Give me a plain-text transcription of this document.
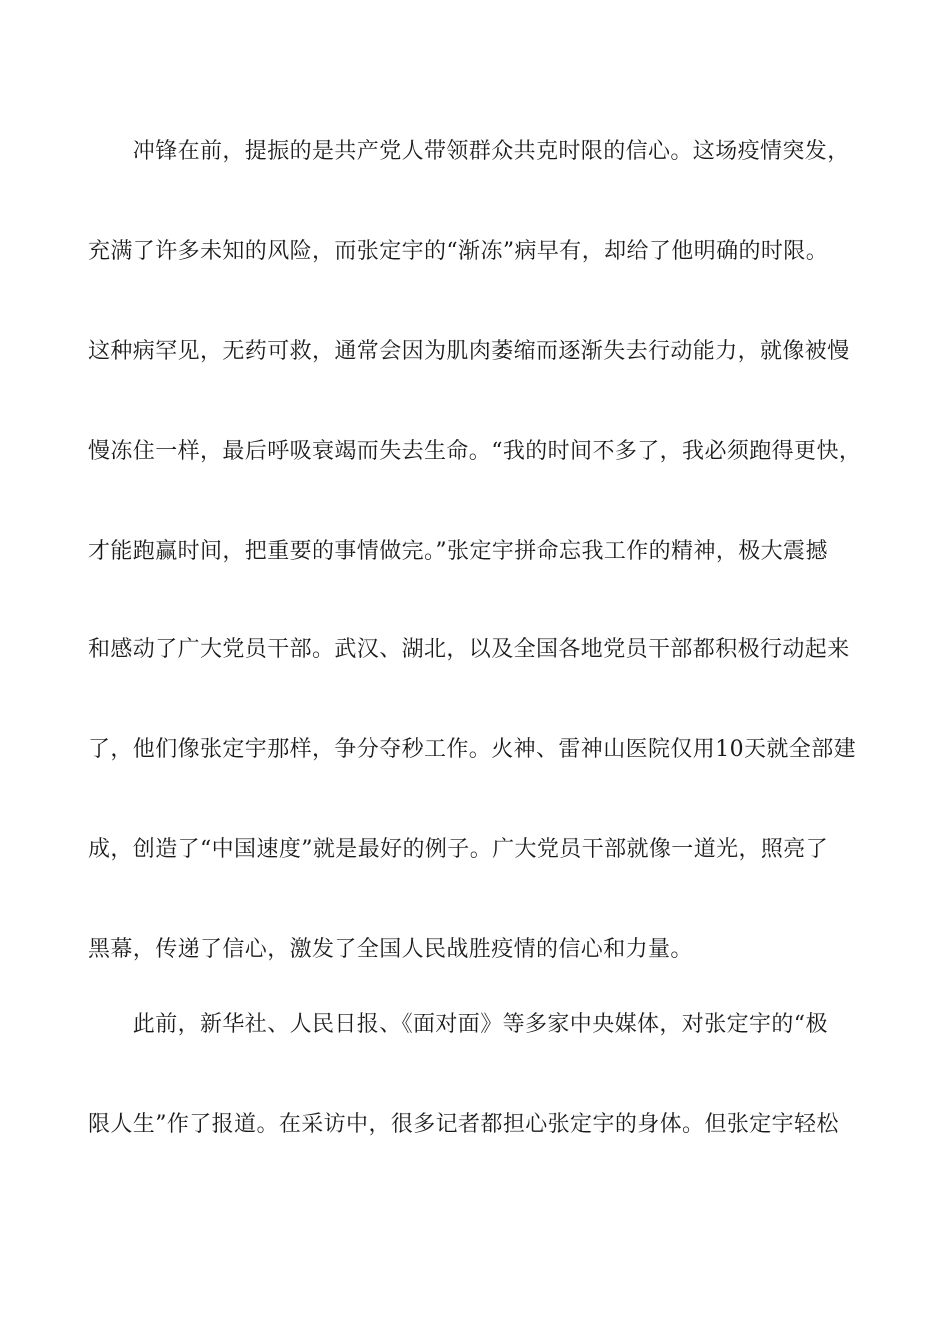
　　冲锋在前，提振的是共产党人带领群众共克时限的信心。这场疫情突发，
充满了许多未知的风险，而张定宇的“渐冻”病早有，却给了他明确的时限。
这种病罕见，无药可救，通常会因为肌肉萎缩而逐渐失去行动能力，就像被慢
慢冻住一样，最后呼吸衰竭而失去生命。“我的时间不多了，我必须跑得更快，
才能跑赢时间，把重要的事情做完。”张定宇拼命忘我工作的精神，极大震撼
和感动了广大党员干部。武汉、湖北，以及全国各地党员干部都积极行动起来
了，他们像张定宇那样，争分夺秒工作。火神、雷神山医院仅用10天就全部建
成，创造了“中国速度”就是最好的例子。广大党员干部就像一道光，照亮了
黑幕，传递了信心，激发了全国人民战胜疫情的信心和力量。
　　此前，新华社、人民日报、《面对面》等多家中央媒体，对张定宇的“极
限人生”作了报道。在采访中，很多记者都担心张定宇的身体。但张定宇轻松
